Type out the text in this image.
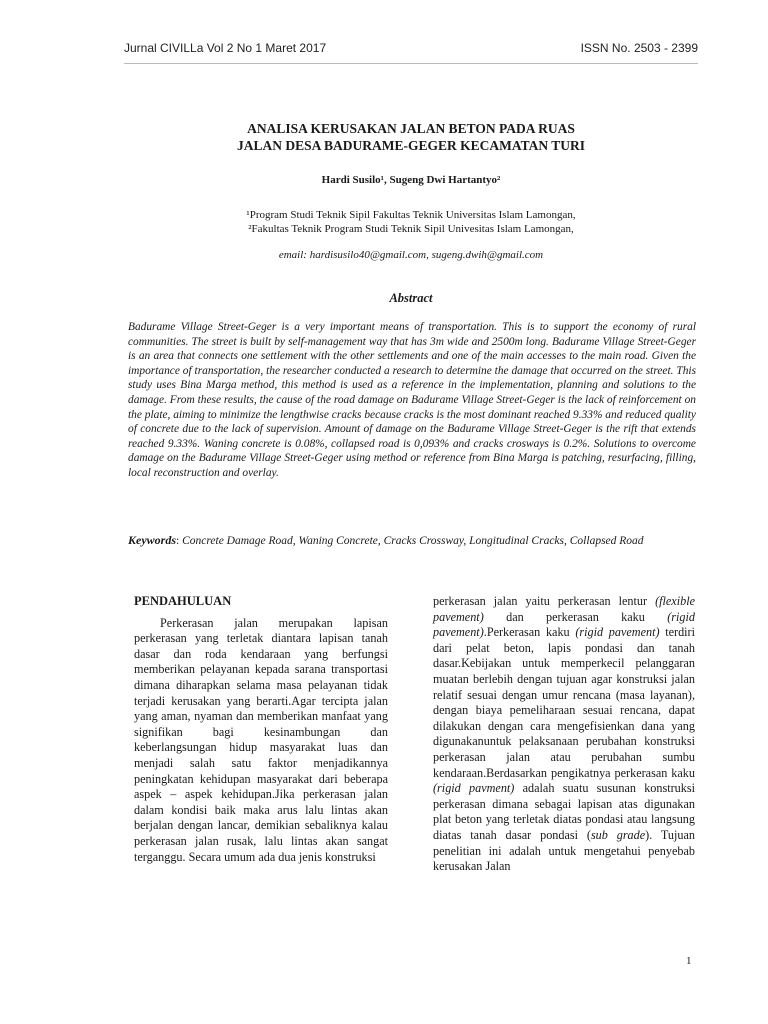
Jurnal CIVILLa Vol 2 No 1 Maret 2017	ISSN No. 2503 - 2399
ANALISA KERUSAKAN JALAN BETON PADA RUAS
JALAN DESA BADURAME-GEGER KECAMATAN TURI
Hardi Susilo¹, Sugeng Dwi Hartantyo²
¹Program Studi Teknik Sipil Fakultas Teknik Universitas Islam Lamongan,
²Fakultas Teknik Program Studi Teknik Sipil Univesitas Islam Lamongan,
email: hardisusilo40@gmail.com, sugeng.dwih@gmail.com
Abstract
Badurame Village Street-Geger is a very important means of transportation. This is to support the economy of rural communities. The street is built by self-management way that has 3m wide and 2500m long. Badurame Village Street-Geger is an area that connects one settlement with the other settlements and one of the main accesses to the main road. Given the importance of transportation, the researcher conducted a research to determine the damage that occurred on the street. This study uses Bina Marga method, this method is used as a reference in the implementation, planning and solutions to the damage. From these results, the cause of the road damage on Badurame Village Street-Geger is the lack of reinforcement on the plate, aiming to minimize the lengthwise cracks because cracks is the most dominant reached 9.33% and reduced quality of concrete due to the lack of supervision. Amount of damage on the Badurame Village Street-Geger is the rift that extends reached 9.33%. Waning concrete is 0.08%, collapsed road is 0,093% and cracks crosways is 0.2%. Solutions to overcome damage on the Badurame Village Street-Geger using method or reference from Bina Marga is patching, resurfacing, filling, local reconstruction and overlay.
Keywords: Concrete Damage Road, Waning Concrete, Cracks Crossway, Longitudinal Cracks, Collapsed Road
PENDAHULUAN

Perkerasan jalan merupakan lapisan perkerasan yang terletak diantara lapisan tanah dasar dan roda kendaraan yang berfungsi memberikan pelayanan kepada sarana transportasi dimana diharapkan selama masa pelayanan tidak terjadi kerusakan yang berarti.Agar tercipta jalan yang aman, nyaman dan memberikan manfaat yang signifikan bagi kesinambungan dan keberlangsungan hidup masyarakat luas dan menjadi salah satu faktor menjadikannya peningkatan kehidupan masyarakat dari beberapa aspek – aspek kehidupan.Jika perkerasan jalan dalam kondisi baik maka arus lalu lintas akan berjalan dengan lancar, demikian sebaliknya kalau perkerasan jalan rusak, lalu lintas akan sangat terganggu. Secara umum ada dua jenis konstruksi

perkerasan jalan yaitu perkerasan lentur (flexible pavement) dan perkerasan kaku (rigid pavement).Perkerasan kaku (rigid pavement) terdiri dari pelat beton, lapis pondasi dan tanah dasar.Kebijakan untuk memperkecil pelanggaran muatan berlebih dengan tujuan agar konstruksi jalan relatif sesuai dengan umur rencana (masa layanan), dengan biaya pemeliharaan sesuai rencana, dapat dilakukan dengan cara mengefisienkan dana yang digunakanuntuk pelaksanaan perubahan konstruksi perkerasan jalan atau perubahan sumbu kendaraan.Berdasarkan pengikatnya perkerasan kaku (rigid pavment) adalah suatu susunan konstruksi perkerasan dimana sebagai lapisan atas digunakan plat beton yang terletak diatas pondasi atau langsung diatas tanah dasar pondasi (sub grade). Tujuan penelitian ini adalah untuk mengetahui penyebab kerusakan Jalan

1
